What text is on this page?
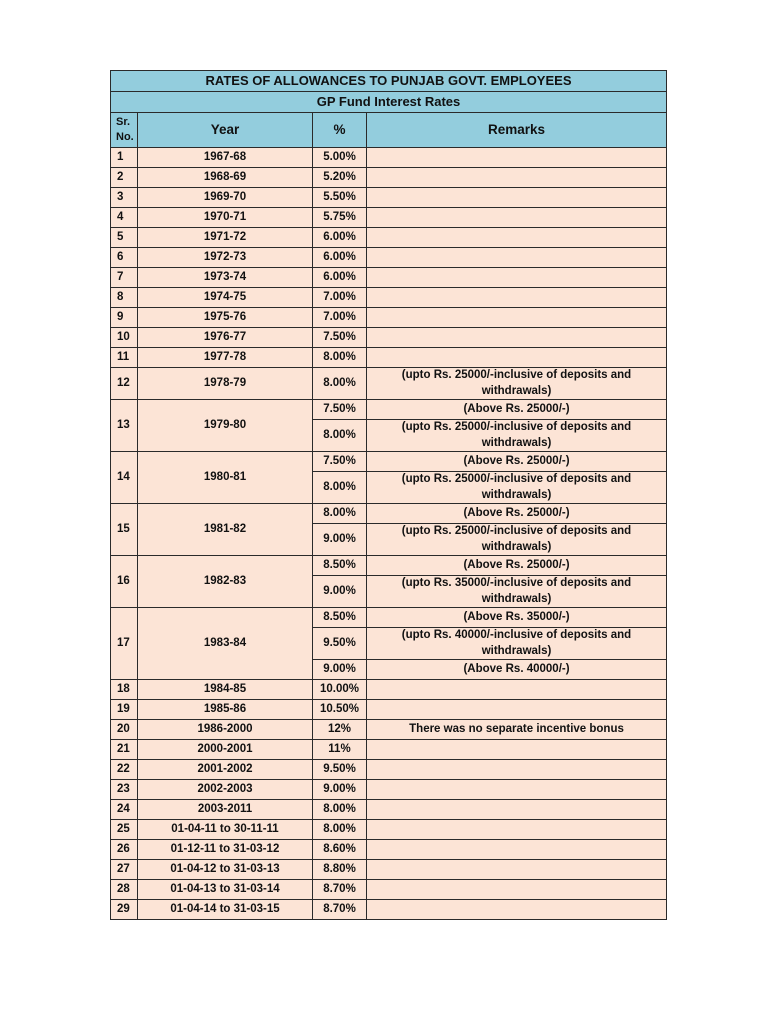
RATES OF ALLOWANCES TO PUNJAB GOVT. EMPLOYEES			
GP Fund Interest Rates			
Sr. No.	Year	%	Remarks
1	1967-68	5.00%	
2	1968-69	5.20%	
3	1969-70	5.50%	
4	1970-71	5.75%	
5	1971-72	6.00%	
6	1972-73	6.00%	
7	1973-74	6.00%	
8	1974-75	7.00%	
9	1975-76	7.00%	
10	1976-77	7.50%	
11	1977-78	8.00%	
12	1978-79	8.00%	(upto Rs. 25000/-inclusive of deposits and withdrawals)
13	1979-80	7.50%	(Above Rs. 25000/-)
		8.00%	(upto Rs. 25000/-inclusive of deposits and withdrawals)
14	1980-81	7.50%	(Above Rs. 25000/-)
		8.00%	(upto Rs. 25000/-inclusive of deposits and withdrawals)
15	1981-82	8.00%	(Above Rs. 25000/-)
		9.00%	(upto Rs. 25000/-inclusive of deposits and withdrawals)
16	1982-83	8.50%	(Above Rs. 25000/-)
		9.00%	(upto Rs. 35000/-inclusive of deposits and withdrawals)
17	1983-84	8.50%	(Above Rs. 35000/-)
		9.50%	(upto Rs. 40000/-inclusive of deposits and withdrawals)
		9.00%	(Above Rs. 40000/-)
18	1984-85	10.00%	
19	1985-86	10.50%	
20	1986-2000	12%	There was no separate incentive bonus
21	2000-2001	11%	
22	2001-2002	9.50%	
23	2002-2003	9.00%	
24	2003-2011	8.00%	
25	01-04-11 to 30-11-11	8.00%	
26	01-12-11 to 31-03-12	8.60%	
27	01-04-12 to 31-03-13	8.80%	
28	01-04-13 to 31-03-14	8.70%	
29	01-04-14 to 31-03-15	8.70%	
